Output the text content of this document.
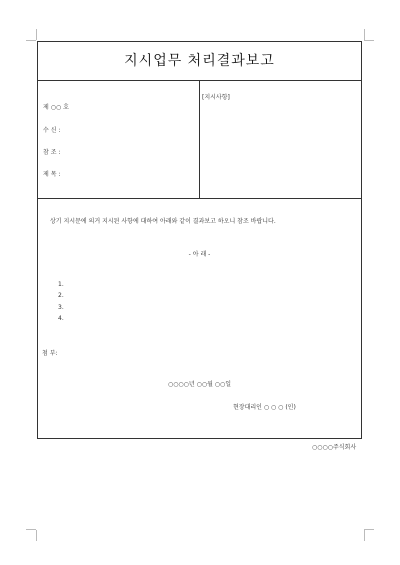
지시업무 처리결과보고
제 ○○ 호
수 신 :
참 조 :
제 목 :
[지시사항]
상기 지시문에 의거 지시된 사항에 대하여 아래와 같이 결과보고 하오니 참조 바랍니다.
- 아 래 -
1.
2.
3.
4.
첨 부:
○○○○년 ○○월 ○○일
현장대리인 ○ ○ ○ (인)
○○○○주식회사
